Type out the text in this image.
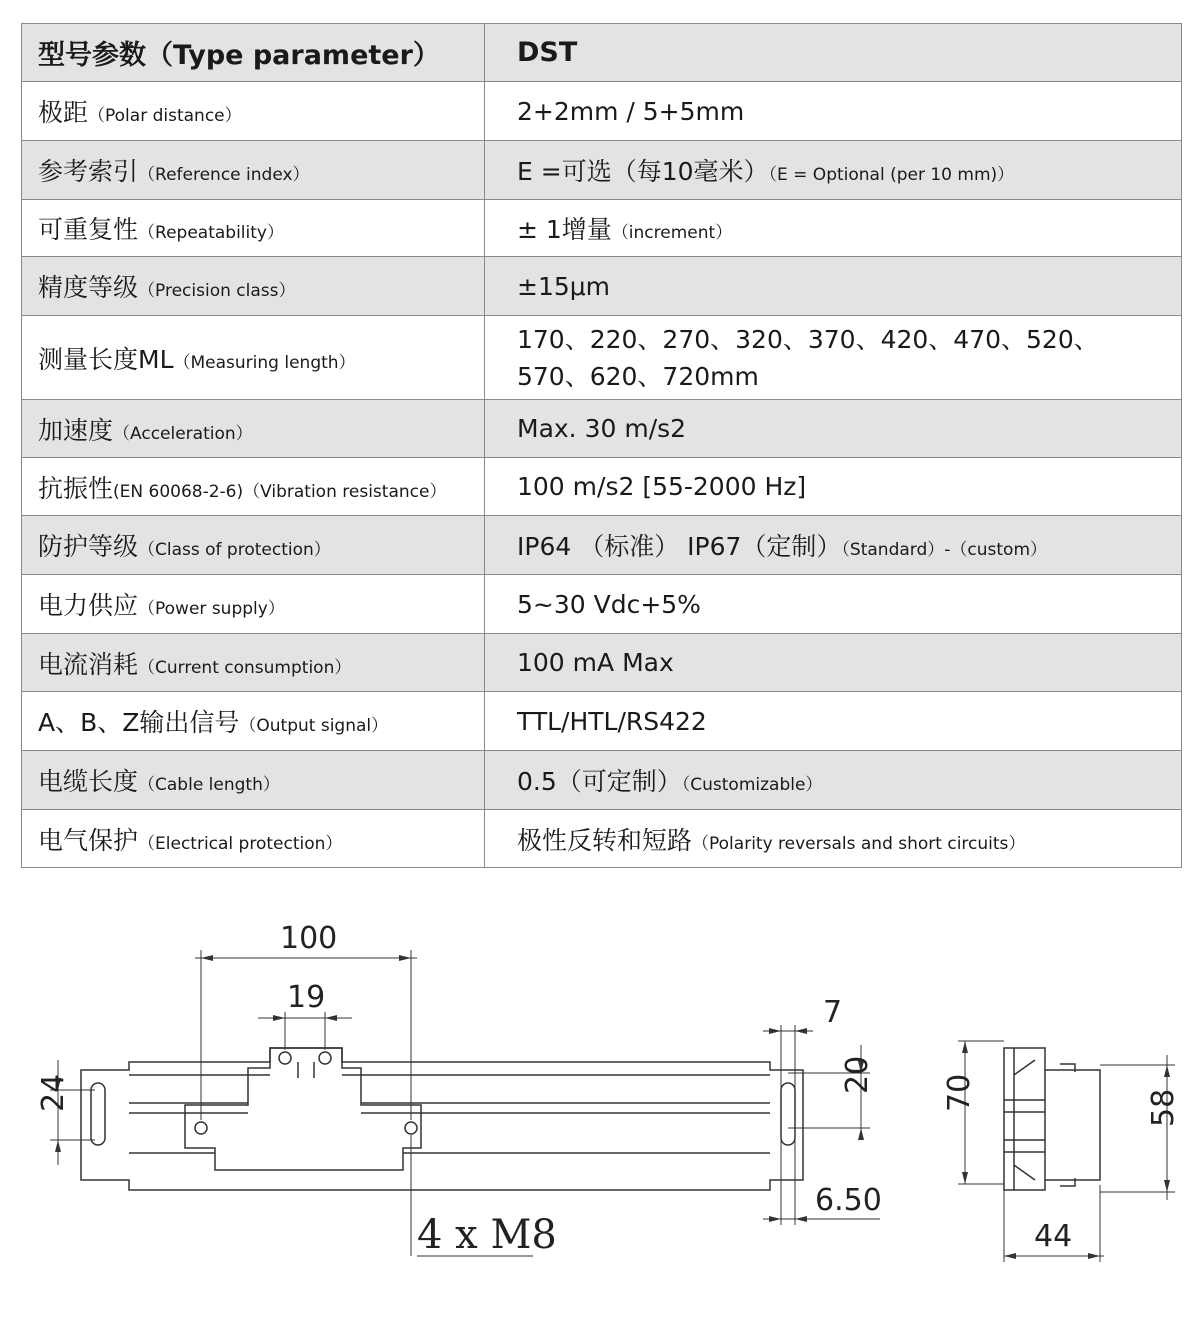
型号参数（Type parameter）	DST
极距（Polar distance）	2+2mm / 5+5mm
参考索引（Reference index）	E =可选（每10毫米）（E = Optional (per 10 mm)）
可重复性（Repeatability）	± 1增量（increment）
精度等级（Precision class）	±15μm
测量长度ML（Measuring length）	170、220、270、320、370、420、470、520、
570、620、720mm

加速度（Acceleration）	Max. 30 m/s2
抗振性(EN 60068-2-6)（Vibration resistance）	100 m/s2 [55-2000 Hz]
防护等级（Class of protection）	IP64 （标准） IP67（定制）（Standard）-（custom）
电力供应（Power supply）	5~30 Vdc+5%
电流消耗（Current consumption）	100 mA Max
A、B、Z输出信号（Output signal）	TTL/HTL/RS422
电缆长度（Cable length）	0.5（可定制）（Customizable）
电气保护（Electrical protection）	极性反转和短路（Polarity reversals and short circuits）
100
19
24
7
20
6.50
4 x M8
70	58
44
